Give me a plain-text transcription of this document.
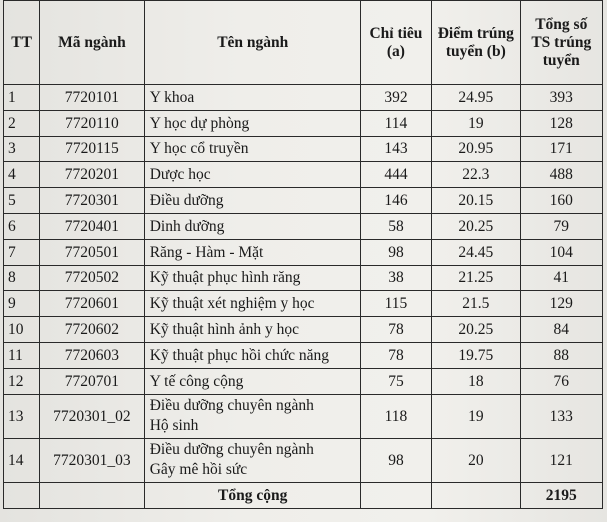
TT	Mã ngành	Tên ngành	Chỉ tiêu (a)	Điểm trúng tuyển (b)	Tổng số TS trúng tuyển
1	7720101	Y khoa	392	24.95	393
2	7720110	Y học dự phòng	114	19	128
3	7720115	Y học cổ truyền	143	20.95	171
4	7720201	Dược học	444	22.3	488
5	7720301	Điều dưỡng	146	20.15	160
6	7720401	Dinh dưỡng	58	20.25	79
7	7720501	Răng - Hàm - Mặt	98	24.45	104
8	7720502	Kỹ thuật phục hình răng	38	21.25	41
9	7720601	Kỹ thuật xét nghiệm y học	115	21.5	129
10	7720602	Kỹ thuật hình ảnh y học	78	20.25	84
11	7720603	Kỹ thuật phục hồi chức năng	78	19.75	88
12	7720701	Y tế công cộng	75	18	76
13	7720301_02	Điều dưỡng chuyên ngành
Hộ sinh	118	19	133
14	7720301_03	Điều dưỡng chuyên ngành
Gây mê hồi sức	98	20	121
		Tổng cộng			2195
